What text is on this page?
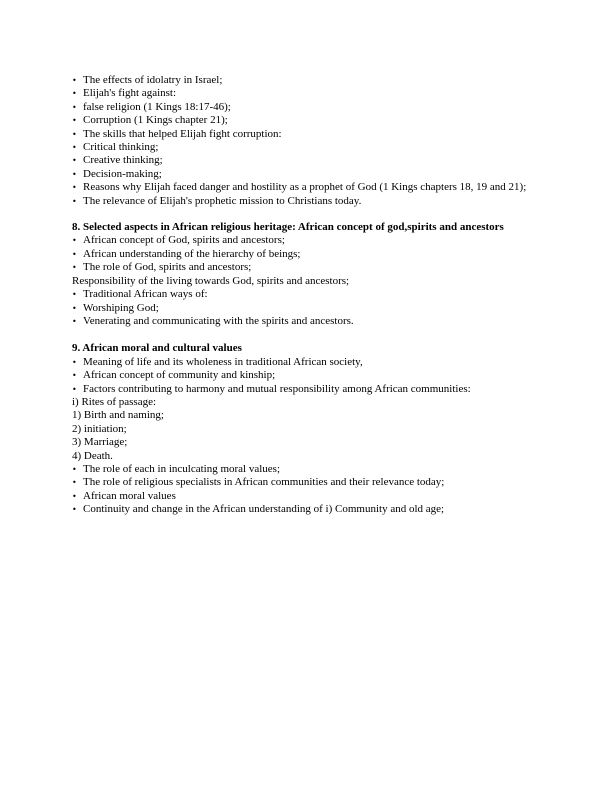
• The effects of idolatry in Israel;
• Elijah's fight against:
• false religion (1 Kings 18:17-46);
• Corruption (1 Kings chapter 21);
• The skills that helped Elijah fight corruption:
• Critical thinking;
• Creative thinking;
• Decision-making;
• Reasons why Elijah faced danger and hostility as a prophet of God (1 Kings chapters 18, 19 and 21);
• The relevance of Elijah's prophetic mission to Christians today.

8. Selected aspects in African religious heritage: African concept of god,spirits and ancestors

• African concept of God, spirits and ancestors;
• African understanding of the hierarchy of beings;
• The role of God, spirits and ancestors;

Responsibility of the living towards God, spirits and ancestors;

• Traditional African ways of:
• Worshiping God;
• Venerating and communicating with the spirits and ancestors.

9. African moral and cultural values

• Meaning of life and its wholeness in traditional African society,
• African concept of community and kinship;
• Factors contributing to harmony and mutual responsibility among African communities:

i) Rites of passage:

1) Birth and naming;

2) initiation;

3) Marriage;

4) Death.

• The role of each in inculcating moral values;
• The role of religious specialists in African communities and their relevance today;
• African moral values
• Continuity and change in the African understanding of i) Community and old age;
